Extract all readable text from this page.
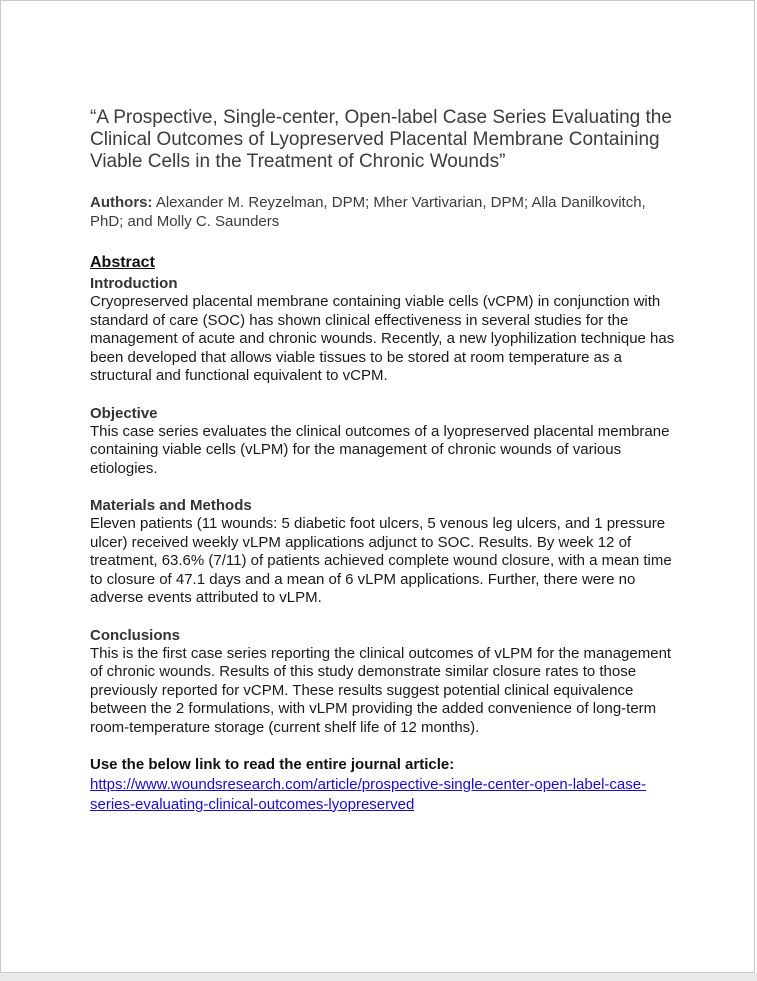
“A Prospective, Single-center, Open-label Case Series Evaluating the Clinical Outcomes of Lyopreserved Placental Membrane Containing Viable Cells in the Treatment of Chronic Wounds”
Authors: Alexander M. Reyzelman, DPM; Mher Vartivarian, DPM; Alla Danilkovitch, PhD; and Molly C. Saunders
Abstract
Introduction
Cryopreserved placental membrane containing viable cells (vCPM) in conjunction with standard of care (SOC) has shown clinical effectiveness in several studies for the management of acute and chronic wounds. Recently, a new lyophilization technique has been developed that allows viable tissues to be stored at room temperature as a structural and functional equivalent to vCPM.
Objective
This case series evaluates the clinical outcomes of a lyopreserved placental membrane containing viable cells (vLPM) for the management of chronic wounds of various etiologies.
Materials and Methods
Eleven patients (11 wounds: 5 diabetic foot ulcers, 5 venous leg ulcers, and 1 pressure ulcer) received weekly vLPM applications adjunct to SOC. Results. By week 12 of treatment, 63.6% (7/11) of patients achieved complete wound closure, with a mean time to closure of 47.1 days and a mean of 6 vLPM applications. Further, there were no adverse events attributed to vLPM.
Conclusions
This is the first case series reporting the clinical outcomes of vLPM for the management of chronic wounds. Results of this study demonstrate similar closure rates to those previously reported for vCPM. These results suggest potential clinical equivalence between the 2 formulations, with vLPM providing the added convenience of long-term room-temperature storage (current shelf life of 12 months).
Use the below link to read the entire journal article:
https://www.woundsresearch.com/article/prospective-single-center-open-label-case-series-evaluating-clinical-outcomes-lyopreserved
